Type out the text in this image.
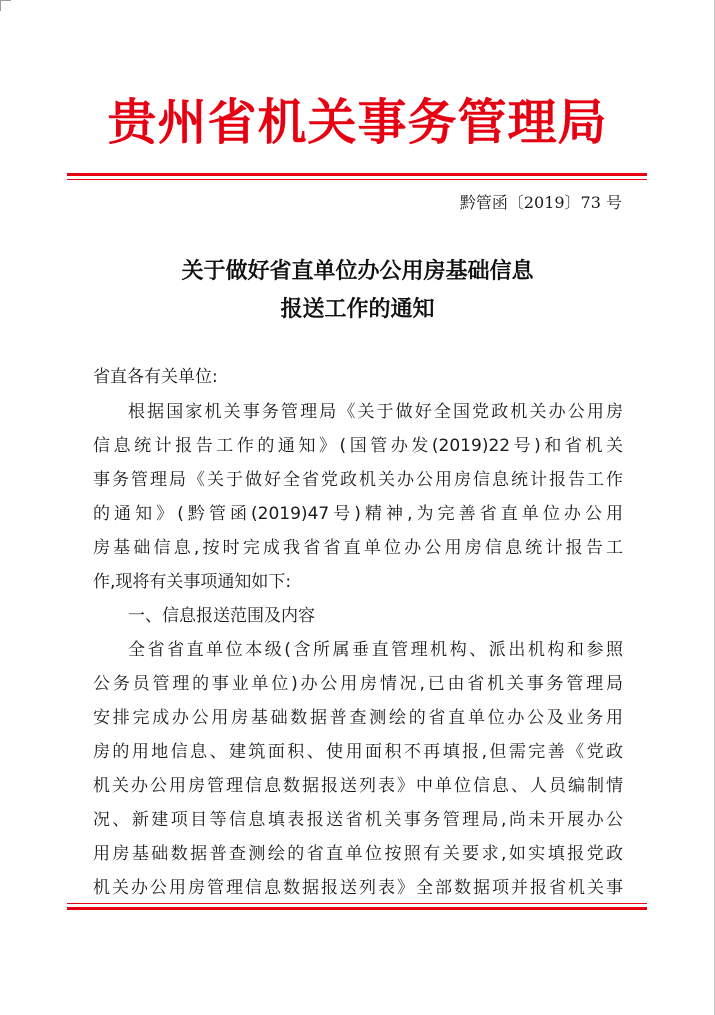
贵州省机关事务管理局
黔管函〔2019〕73 号
关于做好省直单位办公用房基础信息
报送工作的通知
省直各有关单位:
根据国家机关事务管理局《关于做好全国党政机关办公用房
信息统计报告工作的通知》(国管办发(2019)22号)和省机关
事务管理局《关于做好全省党政机关办公用房信息统计报告工作
的通知》(黔管函(2019)47号)精神,为完善省直单位办公用
房基础信息,按时完成我省省直单位办公用房信息统计报告工
作,现将有关事项通知如下:
一、信息报送范围及内容
全省省直单位本级(含所属垂直管理机构、派出机构和参照
公务员管理的事业单位)办公用房情况,已由省机关事务管理局
安排完成办公用房基础数据普查测绘的省直单位办公及业务用
房的用地信息、建筑面积、使用面积不再填报,但需完善《党政
机关办公用房管理信息数据报送列表》中单位信息、人员编制情
况、新建项目等信息填表报送省机关事务管理局,尚未开展办公
用房基础数据普查测绘的省直单位按照有关要求,如实填报党政
机关办公用房管理信息数据报送列表》全部数据项并报省机关事
